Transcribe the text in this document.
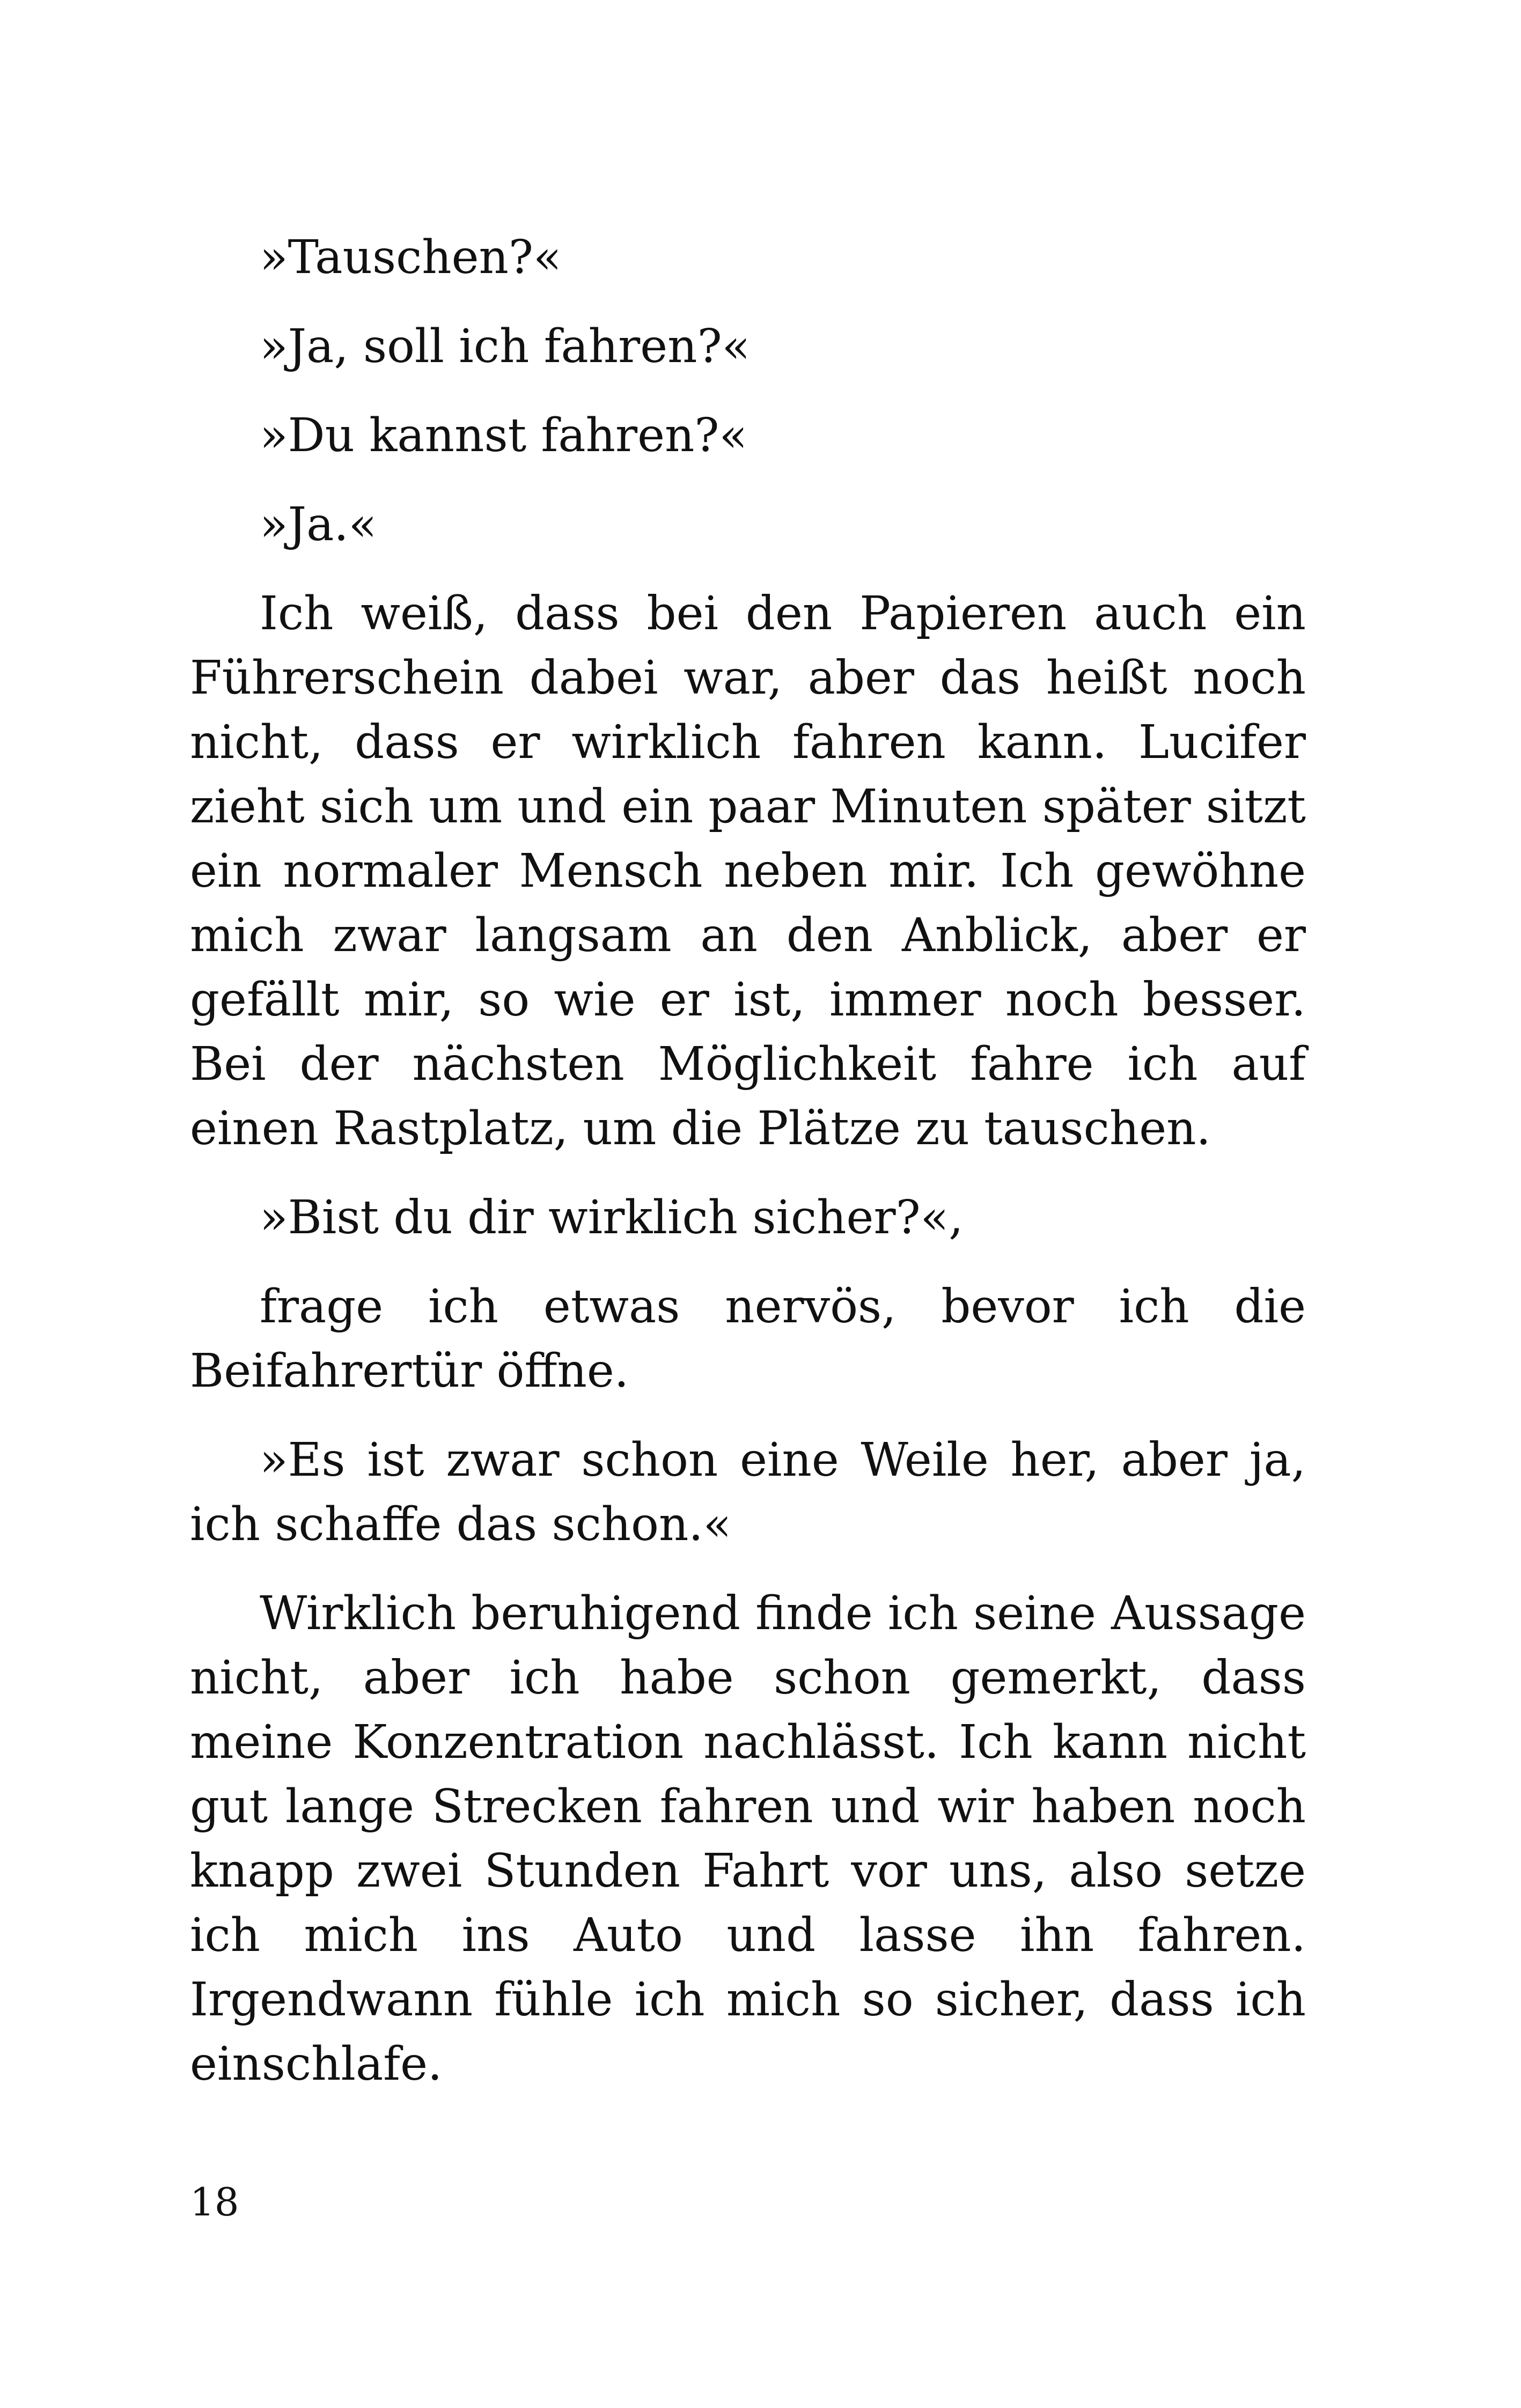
»Tauschen?«

»Ja, soll ich fahren?«

»Du kannst fahren?«

»Ja.«

Ich weiß, dass bei den Papieren auch ein Führerschein dabei war, aber das heißt noch nicht, dass er wirklich fahren kann. Lucifer zieht sich um und ein paar Minuten später sitzt ein normaler Mensch neben mir. Ich gewöhne mich zwar langsam an den Anblick, aber er gefällt mir, so wie er ist, immer noch besser. Bei der nächsten Möglichkeit fahre ich auf einen Rastplatz, um die Plätze zu tauschen.

»Bist du dir wirklich sicher?«,

frage ich etwas nervös, bevor ich die Beifahrertür öffne.

»Es ist zwar schon eine Weile her, aber ja, ich schaffe das schon.«

Wirklich beruhigend finde ich seine Aussage nicht, aber ich habe schon gemerkt, dass meine Konzentration nachlässt. Ich kann nicht gut lange Strecken fahren und wir haben noch knapp zwei Stunden Fahrt vor uns, also setze ich mich ins Auto und lasse ihn fahren. Irgendwann fühle ich mich so sicher, dass ich einschlafe.

18
